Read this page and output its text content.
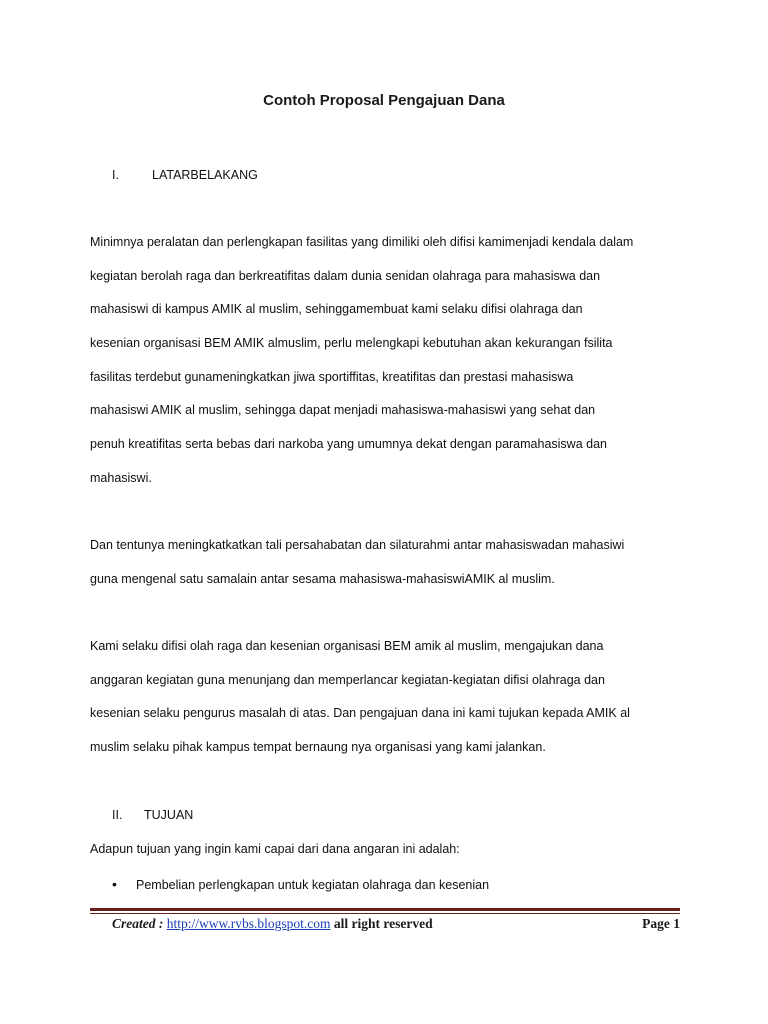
Contoh Proposal Pengajuan Dana
I.	LATARBELAKANG
Minimnya peralatan dan perlengkapan fasilitas yang dimiliki oleh difisi kamimenjadi kendala dalam
kegiatan berolah raga dan berkreatifitas dalam dunia senidan olahraga para mahasiswa dan
mahasiswi di kampus AMIK al muslim, sehinggamembuat kami selaku difisi olahraga dan
kesenian organisasi BEM AMIK almuslim, perlu melengkapi kebutuhan akan kekurangan fsilita
fasilitas terdebut gunameningkatkan jiwa sportiffitas, kreatifitas dan prestasi mahasiswa
mahasiswi AMIK al muslim, sehingga dapat menjadi mahasiswa-mahasiswi yang sehat dan
penuh kreatifitas serta bebas dari narkoba yang umumnya dekat dengan paramahasiswa dan
mahasiswi.
Dan tentunya meningkatkatkan tali persahabatan dan silaturahmi antar mahasiswadan mahasiwi
guna mengenal satu samalain antar sesama mahasiswa-mahasiswiAMIK al muslim.
Kami selaku difisi olah raga dan kesenian organisasi BEM amik al muslim, mengajukan dana
anggaran kegiatan guna menunjang dan memperlancar kegiatan-kegiatan difisi olahraga dan
kesenian selaku pengurus masalah di atas. Dan pengajuan dana ini kami tujukan kepada AMIK al
muslim selaku pihak kampus tempat bernaung nya organisasi yang kami jalankan.
II. TUJUAN
Adapun tujuan yang ingin kami capai dari dana angaran ini adalah:
• Pembelian perlengkapan untuk kegiatan olahraga dan kesenian
Created : http://www.rvbs.blogspot.com all right reserved	Page 1
